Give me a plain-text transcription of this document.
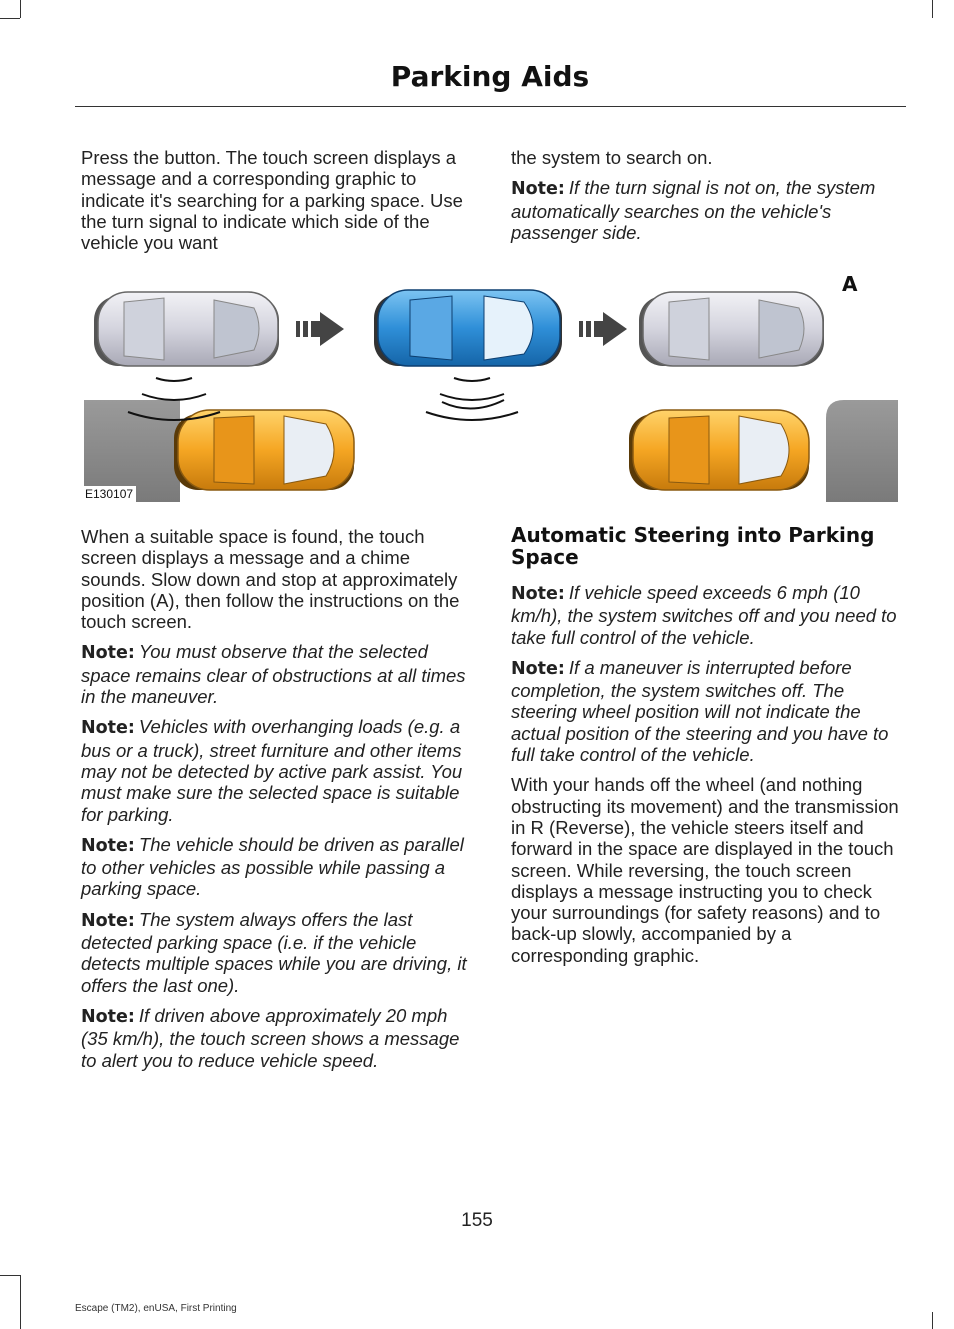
Parking Aids

Press the button. The touch screen displays a message and a corresponding graphic to indicate it's searching for a parking space. Use the turn signal to indicate which side of the vehicle you want

the system to search on.

Note: If the turn signal is not on, the system automatically searches on the vehicle's passenger side.

A
E130107

When a suitable space is found, the touch screen displays a message and a chime sounds. Slow down and stop at approximately position (A), then follow the instructions on the touch screen.

Note: You must observe that the selected space remains clear of obstructions at all times in the maneuver.

Note: Vehicles with overhanging loads (e.g. a bus or a truck), street furniture and other items may not be detected by active park assist. You must make sure the selected space is suitable for parking.

Note: The vehicle should be driven as parallel to other vehicles as possible while passing a parking space.

Note: The system always offers the last detected parking space (i.e. if the vehicle detects multiple spaces while you are driving, it offers the last one).

Note: If driven above approximately 20 mph (35 km/h), the touch screen shows a message to alert you to reduce vehicle speed.

Automatic Steering into Parking Space

Note: If vehicle speed exceeds 6 mph (10 km/h), the system switches off and you need to take full control of the vehicle.

Note: If a maneuver is interrupted before completion, the system switches off. The steering wheel position will not indicate the actual position of the steering and you have to full take control of the vehicle.

With your hands off the wheel (and nothing obstructing its movement) and the transmission in R (Reverse), the vehicle steers itself and forward in the space are displayed in the touch screen. While reversing, the touch screen displays a message instructing you to check your surroundings (for safety reasons) and to back-up slowly, accompanied by a corresponding graphic.

155
Escape (TM2), enUSA, First Printing
